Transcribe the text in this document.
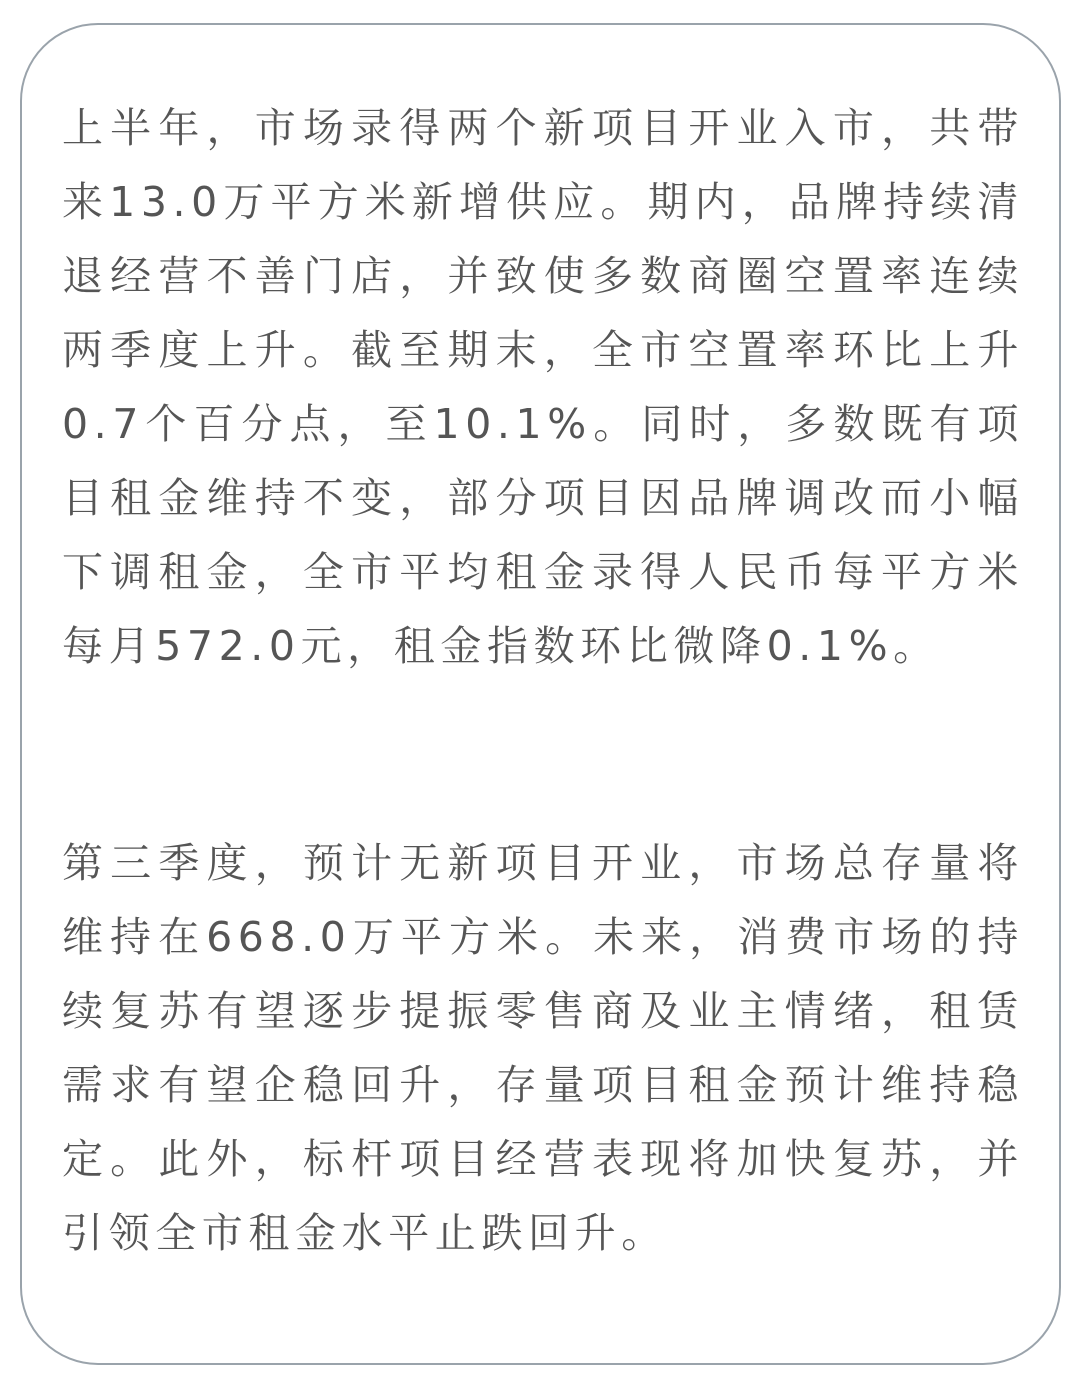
上半年，市场录得两个新项目开业入市，共带来13.0万平方米新增供应。期内，品牌持续清退经营不善门店，并致使多数商圈空置率连续两季度上升。截至期末，全市空置率环比上升0.7个百分点，至10.1%。同时，多数既有项目租金维持不变，部分项目因品牌调改而小幅下调租金，全市平均租金录得人民币每平方米每月572.0元，租金指数环比微降0.1%。

第三季度，预计无新项目开业，市场总存量将维持在668.0万平方米。未来，消费市场的持续复苏有望逐步提振零售商及业主情绪，租赁需求有望企稳回升，存量项目租金预计维持稳定。此外，标杆项目经营表现将加快复苏，并引领全市租金水平止跌回升。
